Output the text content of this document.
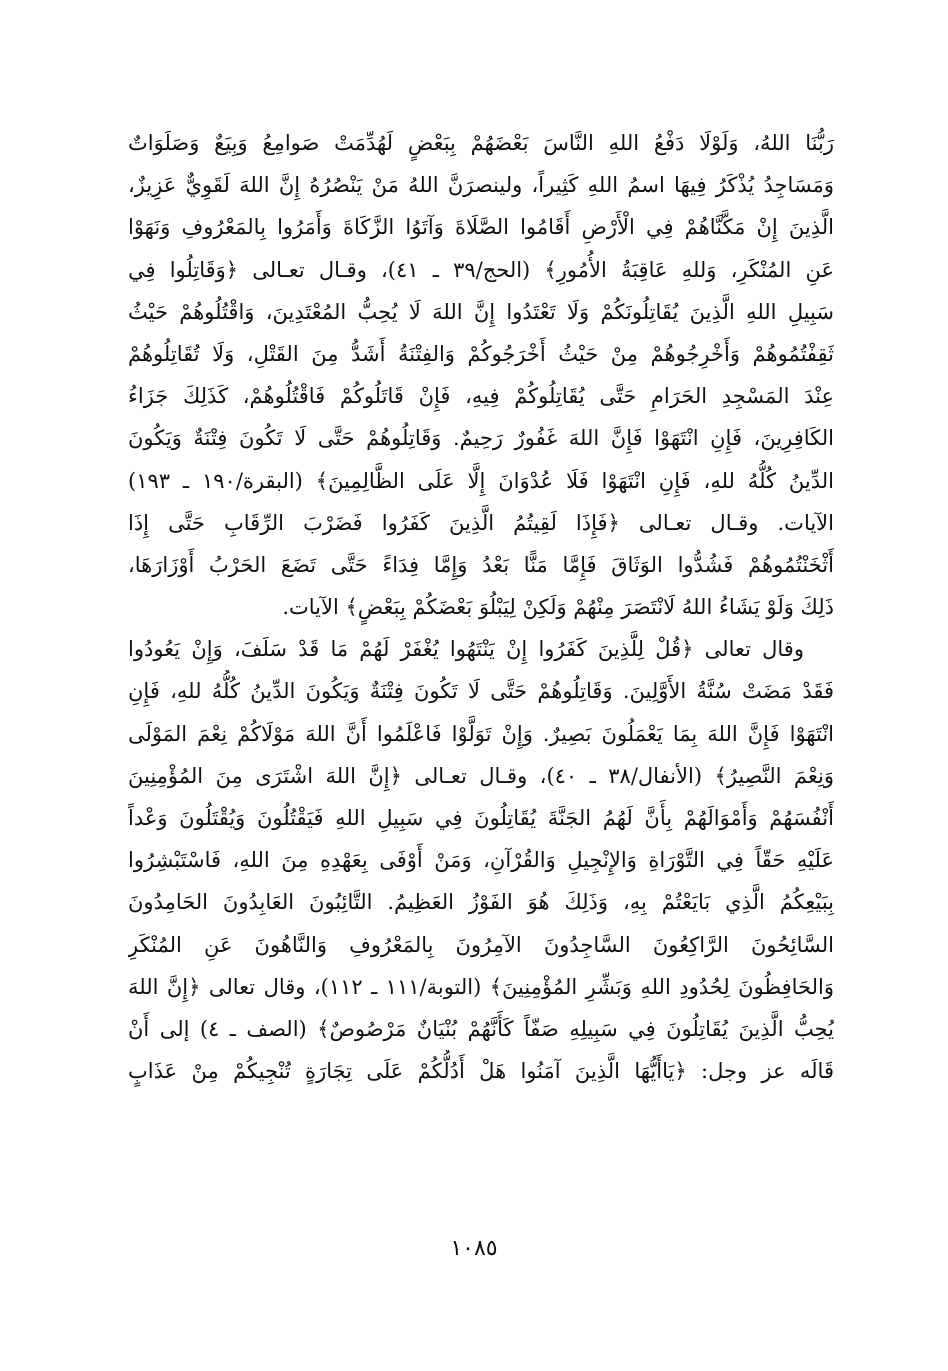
رَبُّنَا اللهُ، وَلَوْلَا دَفْعُ اللهِ النَّاسَ بَعْضَهُمْ بِبَعْضٍ لَهُدِّمَتْ صَوامِعُ وَبِيَعٌ وَصَلَوَاتٌ
وَمَسَاجِدُ يُذْكَرُ فِيهَا اسمُ اللهِ كَثِيراً، ولينصرَنَّ اللهُ مَنْ يَنْصُرُهُ إِنَّ اللهَ لَقَوِيٌّ عَزِيزٌ،
الَّذِينَ إِنْ مَكَّنَّاهُمْ فِي الْأَرْضِ أَقَامُوا الصَّلَاةَ وَآتَوُا الزَّكَاةَ وَأَمَرُوا بِالمَعْرُوفِ وَنَهَوْا
عَنِ المُنْكَرِ، وَللهِ عَاقِبَةُ الأُمُورِ﴾ (الحج/٣٩ ـ ٤١)، وقـال تعـالى ﴿وَقَاتِلُوا فِي
سَبِيلِ اللهِ الَّذِينَ يُقَاتِلُونَكُمْ وَلَا تَعْتَدُوا إِنَّ اللهَ لَا يُحِبُّ المُعْتَدِينَ، وَاقْتُلُوهُمْ حَيْثُ
ثَقِفْتُمُوهُمْ وَأَخْرِجُوهُمْ مِنْ حَيْثُ أَخْرَجُوكُمْ وَالفِتْنَةُ أَشَدُّ مِنَ القَتْلِ، وَلَا تُقَاتِلُوهُمْ
عِنْدَ المَسْجِدِ الحَرَامِ حَتَّى يُقَاتِلُوكُمْ فِيهِ، فَإِنْ قَاتَلُوكُمْ فَاقْتُلُوهُمْ، كَذَلِكَ جَزَاءُ
الكَافِرِينَ، فَإِنِ انْتَهَوْا فَإِنَّ اللهَ غَفُورٌ رَحِيمٌ. وَقَاتِلُوهُمْ حَتَّى لَا تَكُونَ فِتْنَةٌ وَيَكُونَ
الدِّينُ كُلُّهُ للهِ، فَإِنِ انْتَهَوْا فَلَا عُدْوَانَ إِلَّا عَلَى الظَّالِمِينَ﴾ (البقرة/١٩٠ ـ ١٩٣)
الآيات. وقـال تعـالى ﴿فَإِذَا لَقِيتُمُ الَّذِينَ كَفَرُوا فَضَرْبَ الرِّقَابِ حَتَّى إِذَا
أَثْخَنْتُمُوهُمْ فَشُدُّوا الوَثَاقَ فَإِمَّا مَنًّا بَعْدُ وَإِمَّا فِدَاءً حَتَّى تَضَعَ الحَرْبُ أَوْزَارَهَا،
ذَلِكَ وَلَوْ يَشَاءُ اللهُ لَانْتَصَرَ مِنْهُمْ وَلَكِنْ لِيَبْلُوَ بَعْضَكُمْ بِبَعْضٍ﴾ الآيات.
وقال تعالى ﴿قُلْ لِلَّذِينَ كَفَرُوا إِنْ يَنْتَهُوا يُغْفَرْ لَهُمْ مَا قَدْ سَلَفَ، وَإِنْ يَعُودُوا
فَقَدْ مَضَتْ سُنَّةُ الأَوَّلِينَ. وَقَاتِلُوهُمْ حَتَّى لَا تَكُونَ فِتْنَةٌ وَيَكُونَ الدِّينُ كُلُّهُ للهِ، فَإِنِ
انْتَهَوْا فَإِنَّ اللهَ بِمَا يَعْمَلُونَ بَصِيرٌ. وَإِنْ تَوَلَّوْا فَاعْلَمُوا أَنَّ اللهَ مَوْلَاكُمْ نِعْمَ المَوْلَى
وَنِعْمَ النَّصِيرُ﴾ (الأنفال/٣٨ ـ ٤٠)، وقـال تعـالى ﴿إِنَّ اللهَ اشْتَرَى مِنَ المُؤْمِنِينَ
أَنْفُسَهُمْ وَأَمْوَالَهُمْ بِأَنَّ لَهُمُ الجَنَّةَ يُقَاتِلُونَ فِي سَبِيلِ اللهِ فَيَقْتُلُونَ وَيُقْتَلُونَ وَعْداً
عَلَيْهِ حَقّاً فِي التَّوْرَاةِ وَالإِنْجِيلِ وَالقُرْآنِ، وَمَنْ أَوْفَى بِعَهْدِهِ مِنَ اللهِ، فَاسْتَبْشِرُوا
بِبَيْعِكُمُ الَّذِي بَايَعْتُمْ بِهِ، وَذَلِكَ هُوَ الفَوْزُ العَظِيمُ. التَّائِبُونَ العَابِدُونَ الحَامِدُونَ
السَّائِحُونَ الرَّاكِعُونَ السَّاجِدُونَ الآمِرُونَ بِالمَعْرُوفِ وَالنَّاهُونَ عَنِ المُنْكَرِ
وَالحَافِظُونَ لِحُدُودِ اللهِ وَبَشِّرِ المُؤْمِنِينَ﴾ (التوبة/١١١ ـ ١١٢)، وقال تعالى ﴿إِنَّ اللهَ
يُحِبُّ الَّذِينَ يُقَاتِلُونَ فِي سَبِيلِهِ صَفّاً كَأَنَّهُمْ بُنْيَانٌ مَرْصُوصٌ﴾ (الصف ـ ٤) إلى أَنْ
قَالَه عز وجل: ﴿يَاأَيُّهَا الَّذِينَ آمَنُوا هَلْ أَدُلُّكُمْ عَلَى تِجَارَةٍ تُنْجِيكُمْ مِنْ عَذَابٍ
١٠٨٥
